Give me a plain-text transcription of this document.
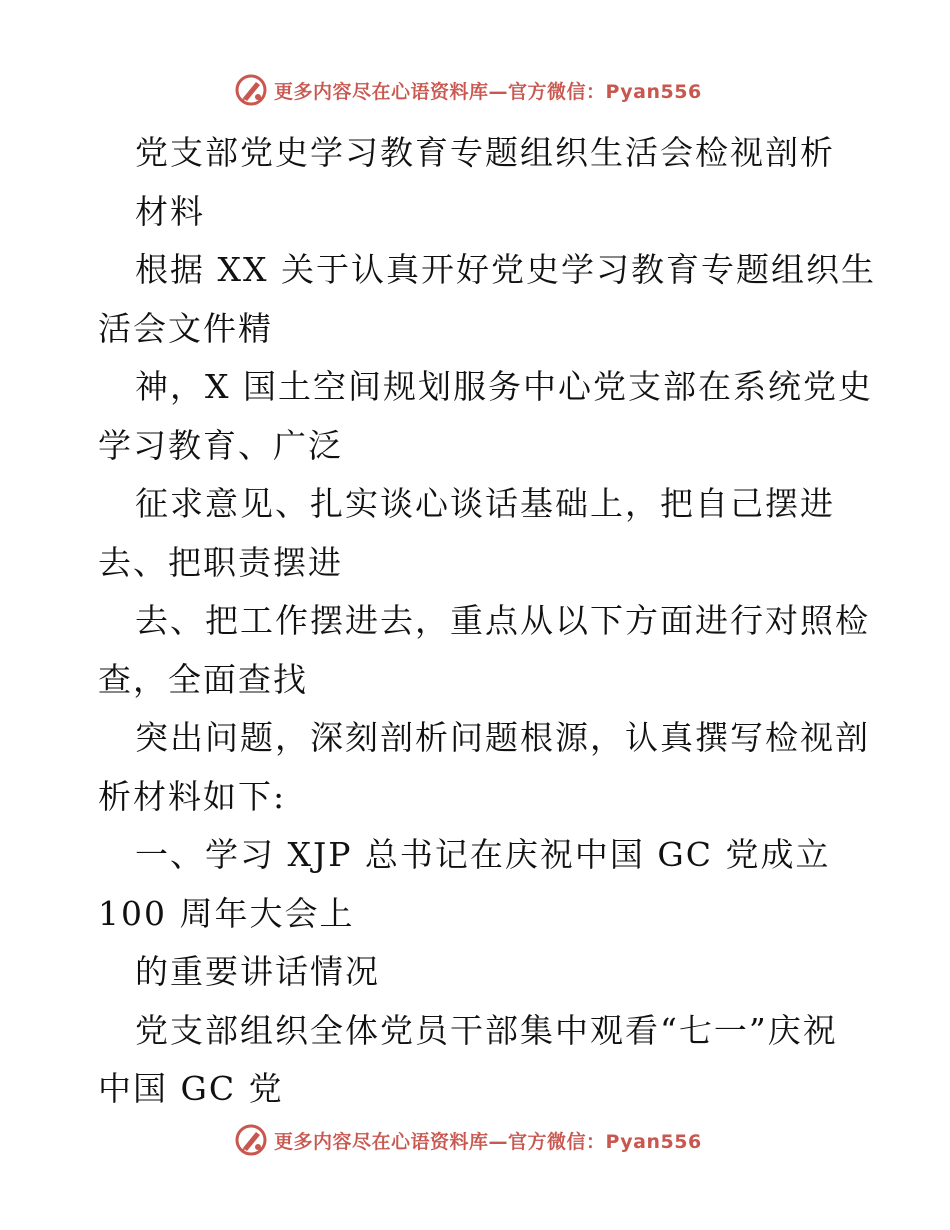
更多内容尽在心语资料库—官方微信：Pyan556
党支部党史学习教育专题组织生活会检视剖析
材料
根据 XX 关于认真开好党史学习教育专题组织生
活会文件精
神，X 国土空间规划服务中心党支部在系统党史
学习教育、广泛
征求意见、扎实谈心谈话基础上，把自己摆进
去、把职责摆进
去、把工作摆进去，重点从以下方面进行对照检
查，全面查找
突出问题，深刻剖析问题根源，认真撰写检视剖
析材料如下:
一、学习 XJP 总书记在庆祝中国 GC 党成立
100 周年大会上
的重要讲话情况
党支部组织全体党员干部集中观看“七一”庆祝
中国 GC 党
更多内容尽在心语资料库—官方微信：Pyan556
